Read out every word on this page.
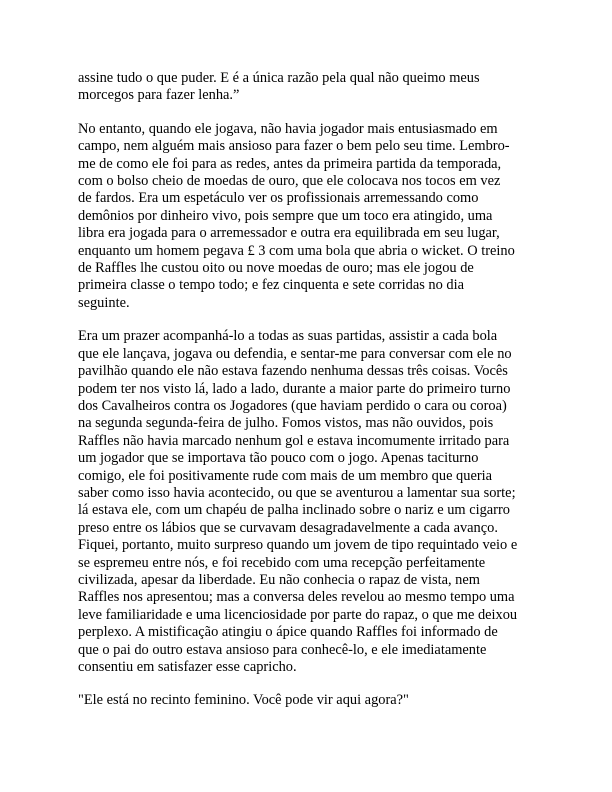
assine tudo o que puder. E é a única razão pela qual não queimo meus
morcegos para fazer lenha.”

No entanto, quando ele jogava, não havia jogador mais entusiasmado em
campo, nem alguém mais ansioso para fazer o bem pelo seu time. Lembro-
me de como ele foi para as redes, antes da primeira partida da temporada,
com o bolso cheio de moedas de ouro, que ele colocava nos tocos em vez
de fardos. Era um espetáculo ver os profissionais arremessando como
demônios por dinheiro vivo, pois sempre que um toco era atingido, uma
libra era jogada para o arremessador e outra era equilibrada em seu lugar,
enquanto um homem pegava £ 3 com uma bola que abria o wicket. O treino
de Raffles lhe custou oito ou nove moedas de ouro; mas ele jogou de
primeira classe o tempo todo; e fez cinquenta e sete corridas no dia
seguinte.

Era um prazer acompanhá-lo a todas as suas partidas, assistir a cada bola
que ele lançava, jogava ou defendia, e sentar-me para conversar com ele no
pavilhão quando ele não estava fazendo nenhuma dessas três coisas. Vocês
podem ter nos visto lá, lado a lado, durante a maior parte do primeiro turno
dos Cavalheiros contra os Jogadores (que haviam perdido o cara ou coroa)
na segunda segunda-feira de julho. Fomos vistos, mas não ouvidos, pois
Raffles não havia marcado nenhum gol e estava incomumente irritado para
um jogador que se importava tão pouco com o jogo. Apenas taciturno
comigo, ele foi positivamente rude com mais de um membro que queria
saber como isso havia acontecido, ou que se aventurou a lamentar sua sorte;
lá estava ele, com um chapéu de palha inclinado sobre o nariz e um cigarro
preso entre os lábios que se curvavam desagradavelmente a cada avanço.
Fiquei, portanto, muito surpreso quando um jovem de tipo requintado veio e
se espremeu entre nós, e foi recebido com uma recepção perfeitamente
civilizada, apesar da liberdade. Eu não conhecia o rapaz de vista, nem
Raffles nos apresentou; mas a conversa deles revelou ao mesmo tempo uma
leve familiaridade e uma licenciosidade por parte do rapaz, o que me deixou
perplexo. A mistificação atingiu o ápice quando Raffles foi informado de
que o pai do outro estava ansioso para conhecê-lo, e ele imediatamente
consentiu em satisfazer esse capricho.

"Ele está no recinto feminino. Você pode vir aqui agora?"
